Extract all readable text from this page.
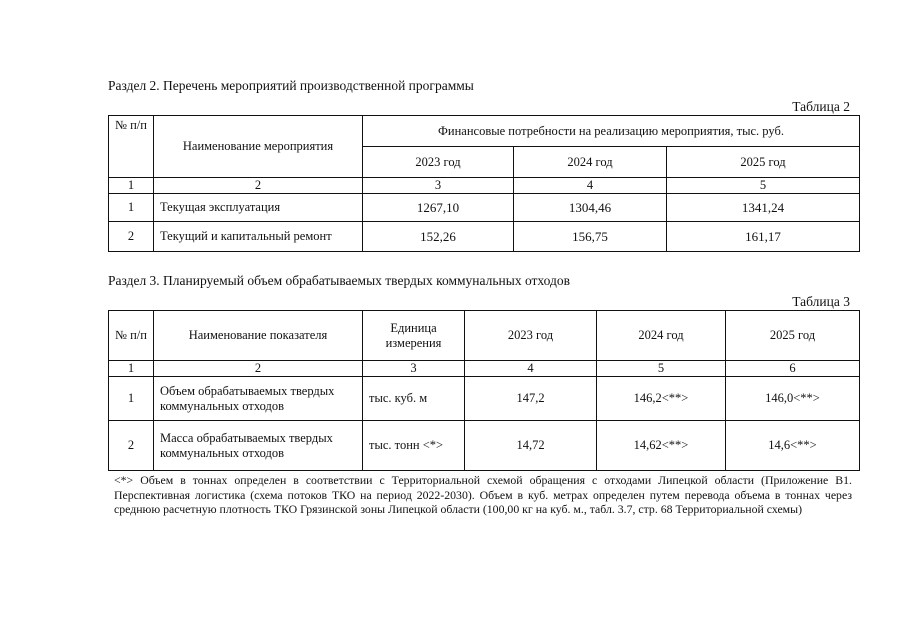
Раздел 2. Перечень мероприятий производственной программы
Таблица 2
№ п/п	Наименование мероприятия	Финансовые потребности на реализацию мероприятия, тыс. руб.		
		2023 год	2024 год	2025 год
1	2	3	4	5
1	Текущая эксплуатация	1267,10	1304,46	1341,24
2	Текущий и капитальный ремонт	152,26	156,75	161,17
Раздел 3. Планируемый объем обрабатываемых твердых коммунальных отходов
Таблица 3
№ п/п	Наименование показателя	Единица измерения	2023 год	2024 год	2025 год
1	2	3	4	5	6
1	Объем обрабатываемых твердых коммунальных отходов	тыс. куб. м	147,2	146,2<**>	146,0<**>
2	Масса обрабатываемых твердых коммунальных отходов	тыс. тонн <*>	14,72	14,62<**>	14,6<**>
<*> Объем в тоннах определен в соответствии с Территориальной схемой обращения с отходами Липецкой области (Приложение В1. Перспективная логистика (схема потоков ТКО на период 2022-2030). Объем в куб. метрах определен путем перевода объема в тоннах через среднюю расчетную плотность ТКО Грязинской зоны Липецкой области (100,00 кг на куб. м., табл. 3.7, стр. 68 Территориальной схемы)
